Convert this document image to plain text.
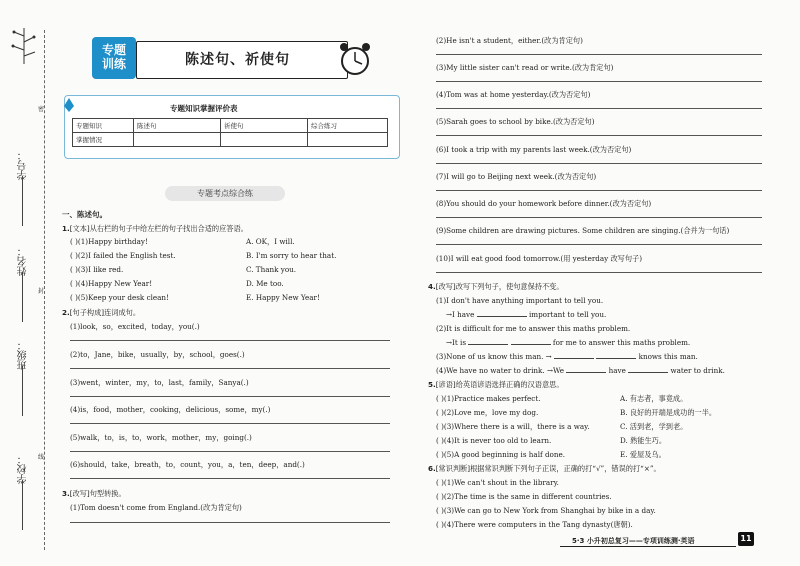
密
封
线
学号：
姓名：
班级：
学校：
专题
训练	陈述句、祈使句
专题知识掌握评价表
专题知识	陈述句	祈使句	综合练习
掌握情况			
专题考点综合练
一、陈述句。
1.[文本]从右栏的句子中给左栏的句子找出合适的应答语。
( )(1)Happy birthday!
( )(2)I failed the English test.
( )(3)I like red.
( )(4)Happy New Year!
( )(5)Keep your desk clean!
A. OK，I will.
B. I'm sorry to hear that.
C. Thank you.
D. Me too.
E. Happy New Year!
2.[句子构成]连词成句。
(1)look，so，excited，today，you(.)
(2)to，Jane，bike，usually，by，school，goes(.)
(3)went，winter，my，to，last，family，Sanya(.)
(4)is，food，mother，cooking，delicious，some，my(.)
(5)walk，to，is，to，work，mother，my，going(.)
(6)should，take，breath，to，count，you，a，ten，deep，and(.)
3.[改写]句型转换。
(1)Tom doesn't come from England.(改为肯定句)
(2)He isn't a student，either.(改为肯定句)
(3)My little sister can't read or write.(改为肯定句)
(4)Tom was at home yesterday.(改为否定句)
(5)Sarah goes to school by bike.(改为否定句)
(6)I took a trip with my parents last week.(改为否定句)
(7)I will go to Beijing next week.(改为否定句)
(8)You should do your homework before dinner.(改为否定句)
(9)Some children are drawing pictures. Some children are singing.(合并为一句话)
(10)I will eat good food tomorrow.(用 yesterday 改写句子)
4.[改写]改写下列句子，使句意保持不变。
(1)I don't have anything important to tell you.
→I have	important to tell you.
(2)It is difficult for me to answer this maths problem.
→It is	for me to answer this maths problem.
(3)None of us know this man. →	knows this man.
(4)We have no water to drink. →We	have	water to drink.
5.[谚语]给英语谚语选择正确的汉语意思。
( )(1)Practice makes perfect.
( )(2)Love me，love my dog.
( )(3)Where there is a will，there is a way.
( )(4)It is never too old to learn.
( )(5)A good beginning is half done.
A. 有志者，事竟成。
B. 良好的开端是成功的一半。
C. 活到老，学到老。
D. 熟能生巧。
E. 爱屋及乌。
6.[常识判断]根据常识判断下列句子正误，正确的打“√”，错误的打“×”。
( )(1)We can't shout in the library.
( )(2)The time is the same in different countries.
( )(3)We can go to New York from Shanghai by bike in a day.
( )(4)There were computers in the Tang dynasty(唐朝).
5·3 小升初总复习——专项训练测·英语	11
